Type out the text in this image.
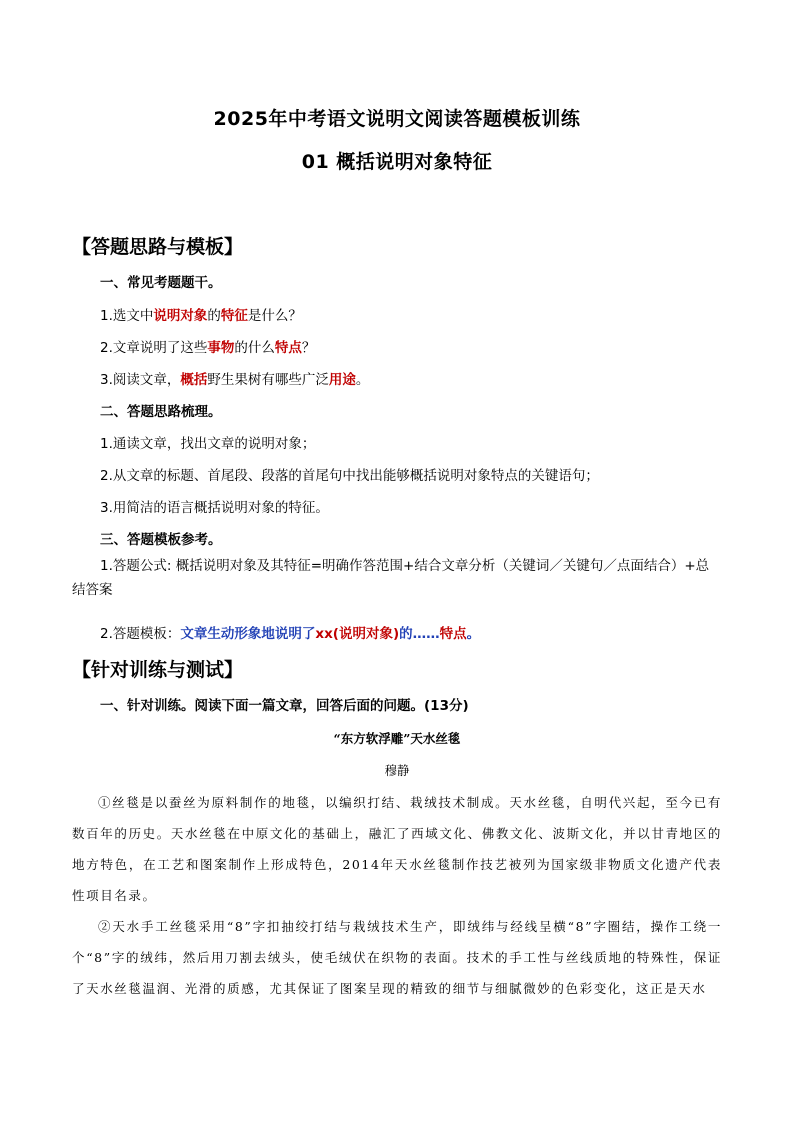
2025年中考语文说明文阅读答题模板训练
01 概括说明对象特征
【答题思路与模板】
一、常见考题题干。
1.选文中说明对象的特征是什么？
2.文章说明了这些事物的什么特点？
3.阅读文章，概括野生果树有哪些广泛用途。
二、答题思路梳理。
1.通读文章，找出文章的说明对象；
2.从文章的标题、首尾段、段落的首尾句中找出能够概括说明对象特点的关键语句；
3.用简洁的语言概括说明对象的特征。
三、答题模板参考。
1.答题公式: 概括说明对象及其特征=明确作答范围+结合文章分析（关键词／关键句／点面结合）+总结答案
2.答题模板：文章生动形象地说明了xx(说明对象)的……特点。
【针对训练与测试】
一、针对训练。阅读下面一篇文章，回答后面的问题。(13分)
“东方软浮雕”天水丝毯
穆静
①丝毯是以蚕丝为原料制作的地毯，以编织打结、栽绒技术制成。天水丝毯，自明代兴起，至今已有数百年的历史。天水丝毯在中原文化的基础上，融汇了西域文化、佛教文化、波斯文化，并以甘青地区的地方特色，在工艺和图案制作上形成特色，2014年天水丝毯制作技艺被列为国家级非物质文化遗产代表性项目名录。
②天水手工丝毯采用“8”字扣抽绞打结与栽绒技术生产，即绒纬与经线呈横“8”字圈结，操作工绕一个“8”字的绒纬，然后用刀割去绒头，使毛绒伏在织物的表面。技术的手工性与丝线质地的特殊性，保证了天水丝毯温润、光滑的质感，尤其保证了图案呈现的精致的细节与细腻微妙的色彩变化，这正是天水
